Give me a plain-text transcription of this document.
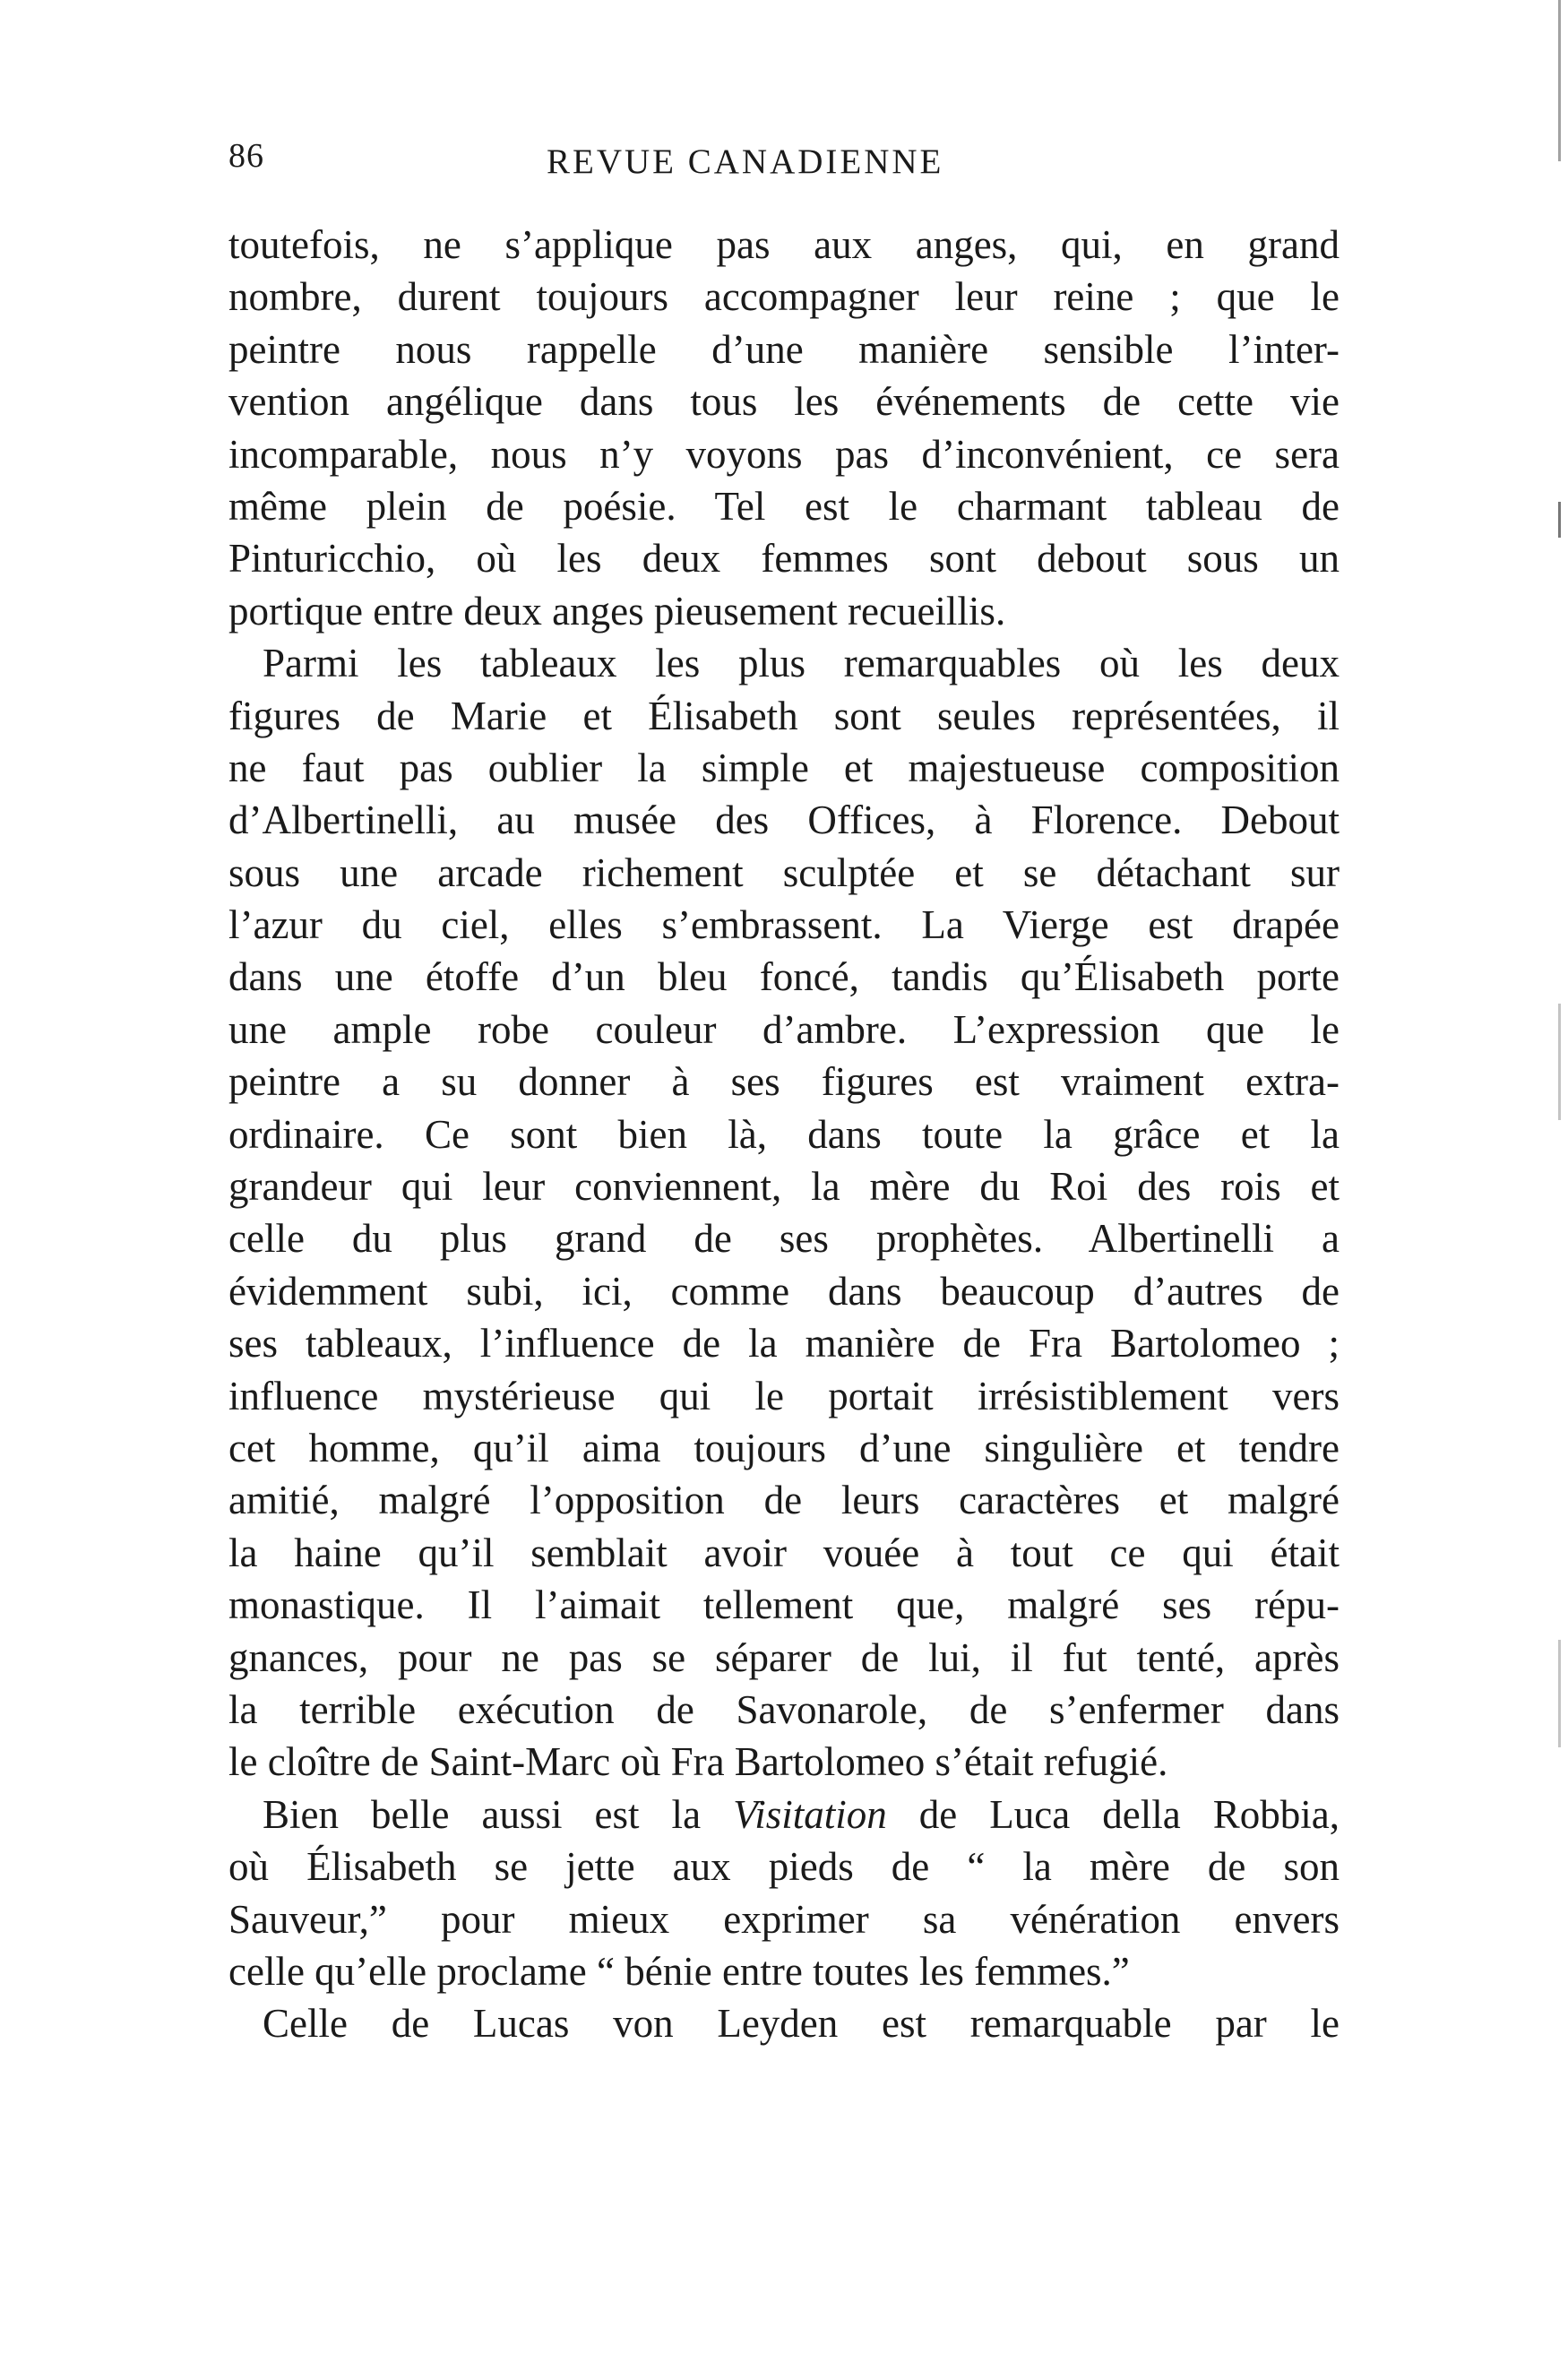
86	REVUE CANADIENNE
toutefois, ne s’applique pas aux anges, qui, en grand
nombre, durent toujours accompagner leur reine ; que le
peintre nous rappelle d’une manière sensible l’inter-
vention angélique dans tous les événements de cette vie
incomparable, nous n’y voyons pas d’inconvénient, ce sera
même plein de poésie. Tel est le charmant tableau de
Pinturicchio, où les deux femmes sont debout sous un
portique entre deux anges pieusement recueillis.
Parmi les tableaux les plus remarquables où les deux
figures de Marie et Élisabeth sont seules représentées, il
ne faut pas oublier la simple et majestueuse composition
d’Albertinelli, au musée des Offices, à Florence. Debout
sous une arcade richement sculptée et se détachant sur
l’azur du ciel, elles s’embrassent. La Vierge est drapée
dans une étoffe d’un bleu foncé, tandis qu’Élisabeth porte
une ample robe couleur d’ambre. L’expression que le
peintre a su donner à ses figures est vraiment extra-
ordinaire. Ce sont bien là, dans toute la grâce et la
grandeur qui leur conviennent, la mère du Roi des rois et
celle du plus grand de ses prophètes. Albertinelli a
évidemment subi, ici, comme dans beaucoup d’autres de
ses tableaux, l’influence de la manière de Fra Bartolomeo ;
influence mystérieuse qui le portait irrésistiblement vers
cet homme, qu’il aima toujours d’une singulière et tendre
amitié, malgré l’opposition de leurs caractères et malgré
la haine qu’il semblait avoir vouée à tout ce qui était
monastique. Il l’aimait tellement que, malgré ses répu-
gnances, pour ne pas se séparer de lui, il fut tenté, après
la terrible exécution de Savonarole, de s’enfermer dans
le cloître de Saint-Marc où Fra Bartolomeo s’était refugié.
Bien belle aussi est la Visitation de Luca della Robbia,
où Élisabeth se jette aux pieds de “ la mère de son
Sauveur,” pour mieux exprimer sa vénération envers
celle qu’elle proclame “ bénie entre toutes les femmes.”
Celle de Lucas von Leyden est remarquable par le
